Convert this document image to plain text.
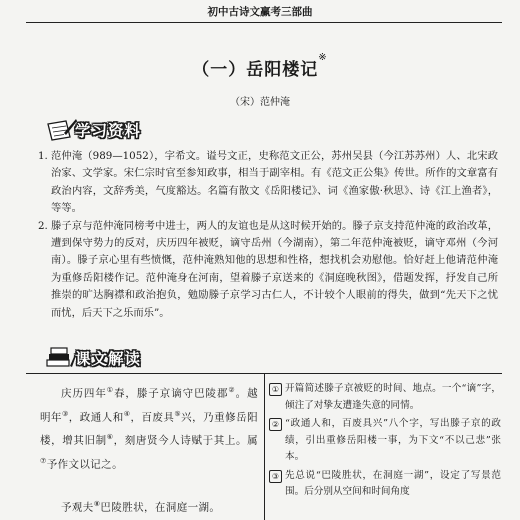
初中古诗文赢考三部曲
（一）岳阳楼记※
（宋）范仲淹
学习资料
1. 范仲淹（989—1052），字希文。谥号文正，史称范文正公，苏州吴县（今江苏苏州）人、北宋政治家、文学家。宋仁宗时官至参知政事，相当于副宰相。有《范文正公集》传世。所作的文章富有政治内容，文辞秀美，气度豁达。名篇有散文《岳阳楼记》、词《渔家傲·秋思》、诗《江上渔者》，等等。
2. 滕子京与范仲淹同榜考中进士，两人的友谊也是从这时候开始的。滕子京支持范仲淹的政治改革，遭到保守势力的反对，庆历四年被贬，谪守岳州（今湖南），第二年范仲淹被贬，谪守邓州（今河南）。滕子京心里有些愤慨，范仲淹熟知他的思想和性格，想找机会劝慰他。恰好赶上他请范仲淹为重修岳阳楼作记。范仲淹身在河南，望着滕子京送来的《洞庭晚秋图》，借题发挥，抒发自己所推崇的旷达胸襟和政治抱负，勉励滕子京学习古仁人，不计较个人眼前的得失，做到“先天下之忧而忧，后天下之乐而乐”。
课文解读

庆历四年①春，滕子京谪守巴陵郡②。越明年③，政通人和④，百废具⑤兴，乃重修岳阳楼，增其旧制⑥，刻唐贤今人诗赋于其上。属⑦予作文以记之。

予观夫⑧巴陵胜状，在洞庭一湖。

① 开篇简述滕子京被贬的时间、地点。一个“谪”字，倾注了对挚友遭逢失意的同情。
② “政通人和，百废具兴”八个字，写出滕子京的政绩，引出重修岳阳楼一事，为下文“不以己悲”张本。
③ 先总说“巴陵胜状，在洞庭一湖”，设定了写景范围。后分别从空间和时间角度
